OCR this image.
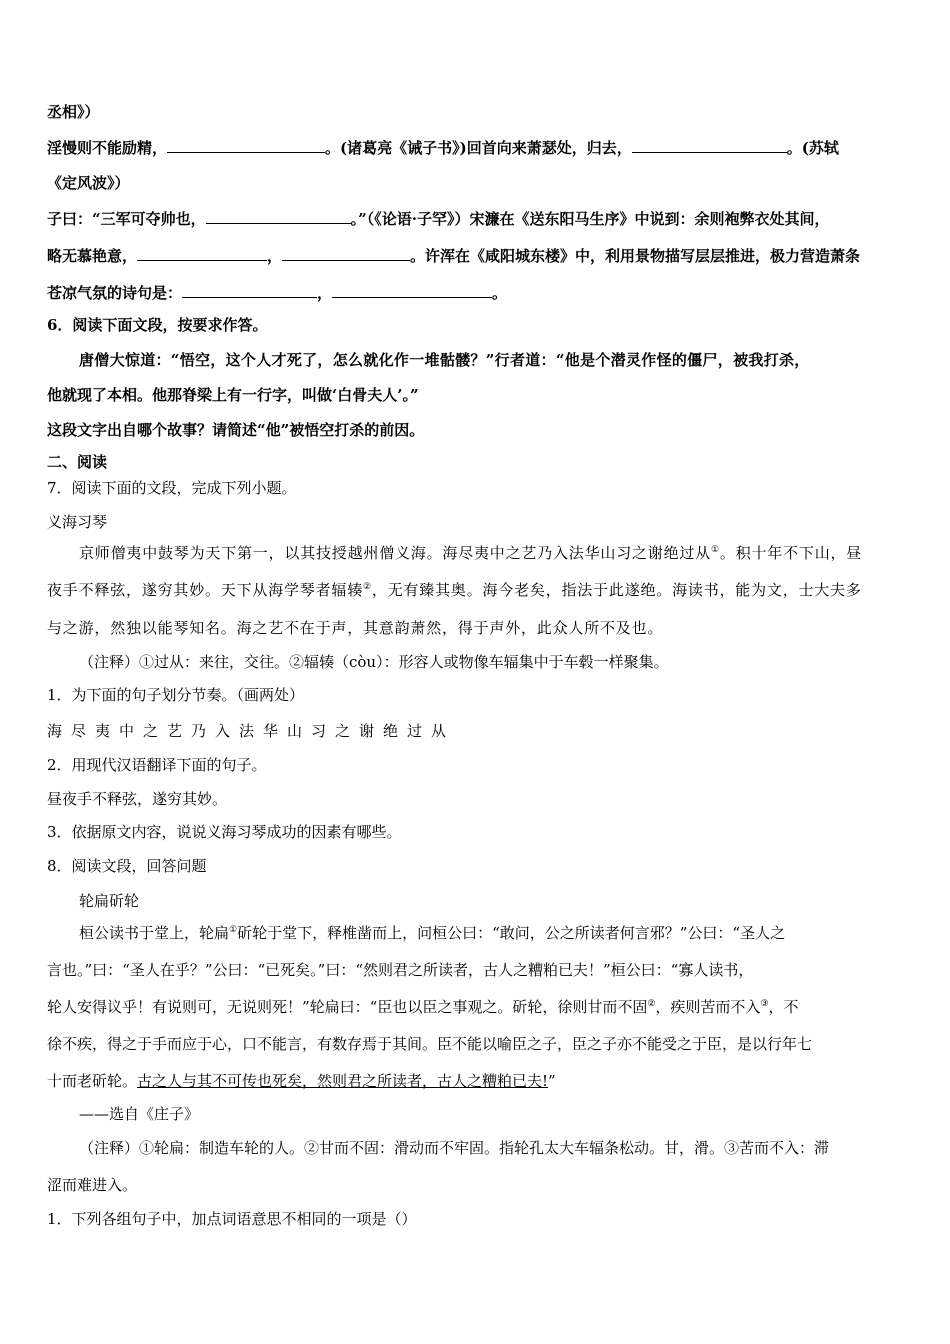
丞相》）
淫慢则不能励精，	。(诸葛亮《诫子书》)回首向来萧瑟处，归去，	。(苏轼
《定风波》）
子曰：“三军可夺帅也，	。”（《论语·子罕》）宋濂在《送东阳马生序》中说到：余则袍弊衣处其间，
略无慕艳意，	，	。许浑在《咸阳城东楼》中，利用景物描写层层推进，极力营造萧条
苍凉气氛的诗句是：	，	。
6．阅读下面文段，按要求作答。
唐僧大惊道：“悟空，这个人才死了，怎么就化作一堆骷髅？”行者道：“他是个潜灵作怪的僵尸，被我打杀，
他就现了本相。他那脊梁上有一行字，叫做‘白骨夫人’。”
这段文字出自哪个故事？请简述“他”被悟空打杀的前因。
二、阅读
7．阅读下面的文段，完成下列小题。
义海习琴
京师僧夷中鼓琴为天下第一，以其技授越州僧义海。海尽夷中之艺乃入法华山习之谢绝过从①。积十年不下山，昼
夜手不释弦，遂穷其妙。天下从海学琴者辐辏②，无有臻其奥。海今老矣，指法于此遂绝。海读书，能为文，士大夫多
与之游，然独以能琴知名。海之艺不在于声，其意韵萧然，得于声外，此众人所不及也。
（注释）①过从：来往，交往。②辐辏（còu）：形容人或物像车辐集中于车毂一样聚集。
1．为下面的句子划分节奏。（画两处）
海尽夷中之艺乃入法华山习之谢绝过从
2．用现代汉语翻译下面的句子。
昼夜手不释弦，遂穷其妙。
3．依据原文内容，说说义海习琴成功的因素有哪些。
8．阅读文段，回答问题
轮扁斫轮
桓公读书于堂上，轮扁①斫轮于堂下，释椎凿而上，问桓公曰：“敢问，公之所读者何言邪？”公曰：“圣人之
言也。”曰：“圣人在乎？”公曰：“已死矣。”曰：“然则君之所读者，古人之糟粕已夫！”桓公曰：“寡人读书，
轮人安得议乎！有说则可，无说则死！”轮扁曰：“臣也以臣之事观之。斫轮，徐则甘而不固②，疾则苦而不入③，不
徐不疾，得之于手而应于心，口不能言，有数存焉于其间。臣不能以喻臣之子，臣之子亦不能受之于臣，是以行年七
十而老斫轮。古之人与其不可传也死矣，然则君之所读者，古人之糟粕已夫!”
——选自《庄子》
（注释）①轮扁：制造车轮的人。②甘而不固：滑动而不牢固。指轮孔太大车辐条松动。甘，滑。③苦而不入：滞
涩而难进入。
1．下列各组句子中，加点词语意思不相同的一项是（）
